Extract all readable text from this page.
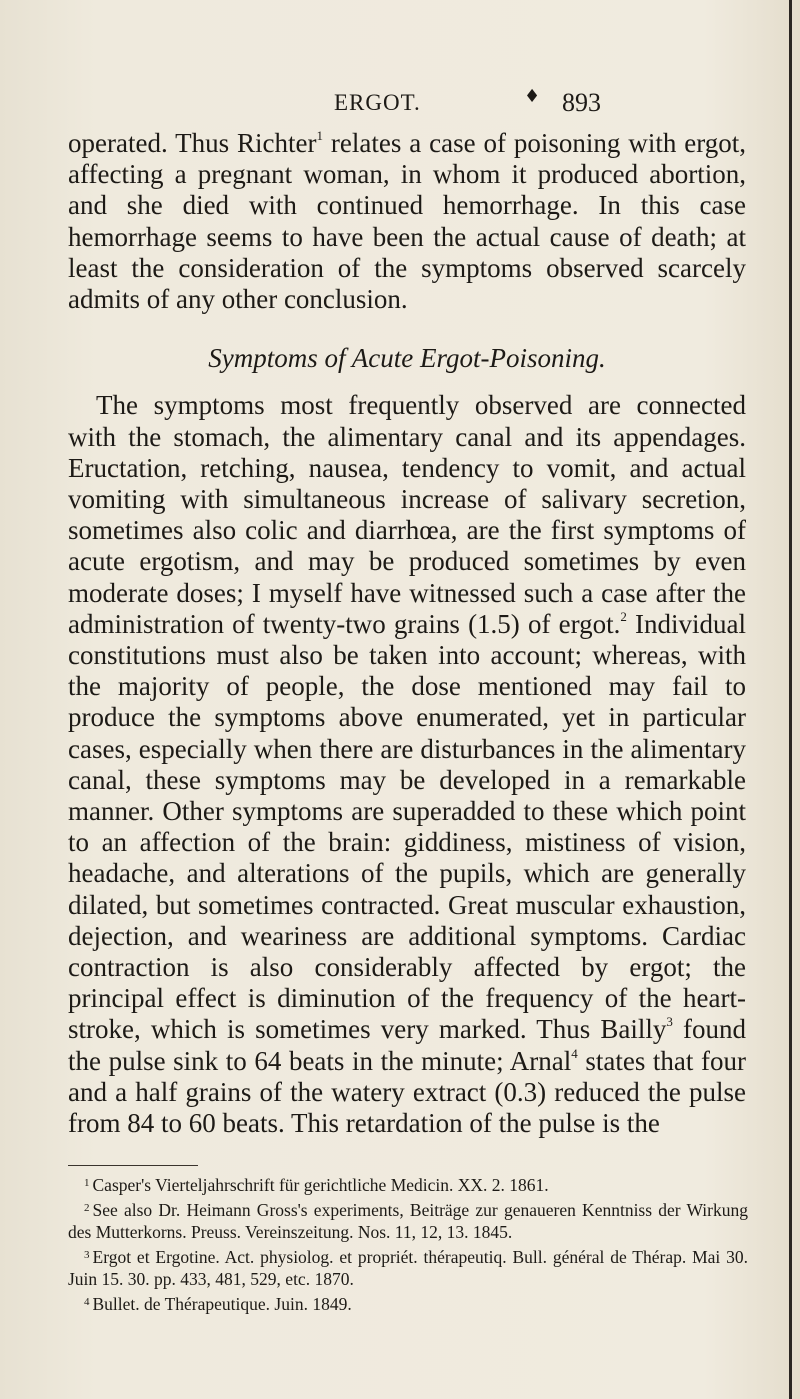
ERGOT.	♦ 893

operated. Thus Richter$^1$ relates a case of poisoning with ergot, affecting a pregnant woman, in whom it produced abortion, and she died with continued hemorrhage. In this case hemorrhage seems to have been the actual cause of death; at least the consideration of the symptoms observed scarcely admits of any other conclusion.

Symptoms of Acute Ergot-Poisoning.

The symptoms most frequently observed are connected with the stomach, the alimentary canal and its appendages. Eructation, retching, nausea, tendency to vomit, and actual vomiting with simultaneous increase of salivary secretion, sometimes also colic and diarrhœa, are the first symptoms of acute ergotism, and may be produced sometimes by even moderate doses; I myself have witnessed such a case after the administration of twenty-two grains (1.5) of ergot.$^2$ Individual constitutions must also be taken into account; whereas, with the majority of people, the dose mentioned may fail to produce the symptoms above enumerated, yet in particular cases, especially when there are disturbances in the alimentary canal, these symptoms may be developed in a remarkable manner. Other symptoms are superadded to these which point to an affection of the brain: giddiness, mistiness of vision, headache, and alterations of the pupils, which are generally dilated, but sometimes contracted. Great muscular exhaustion, dejection, and weariness are additional symptoms. Cardiac contraction is also considerably affected by ergot; the principal effect is diminution of the frequency of the heart-stroke, which is sometimes very marked. Thus Bailly$^3$ found the pulse sink to 64 beats in the minute; Arnal$^4$ states that four and a half grains of the watery extract (0.3) reduced the pulse from 84 to 60 beats. This retardation of the pulse is the

$^1$ Casper's Vierteljahrschrift für gerichtliche Medicin. XX. 2. 1861.

$^2$ See also Dr. Heimann Gross's experiments, Beiträge zur genaueren Kenntniss der Wirkung des Mutterkorns. Preuss. Vereinszeitung. Nos. 11, 12, 13. 1845.

$^3$ Ergot et Ergotine. Act. physiolog. et propriét. thérapeutiq. Bull. général de Thérap. Mai 30. Juin 15. 30. pp. 433, 481, 529, etc. 1870.

$^4$ Bullet. de Thérapeutique. Juin. 1849.
